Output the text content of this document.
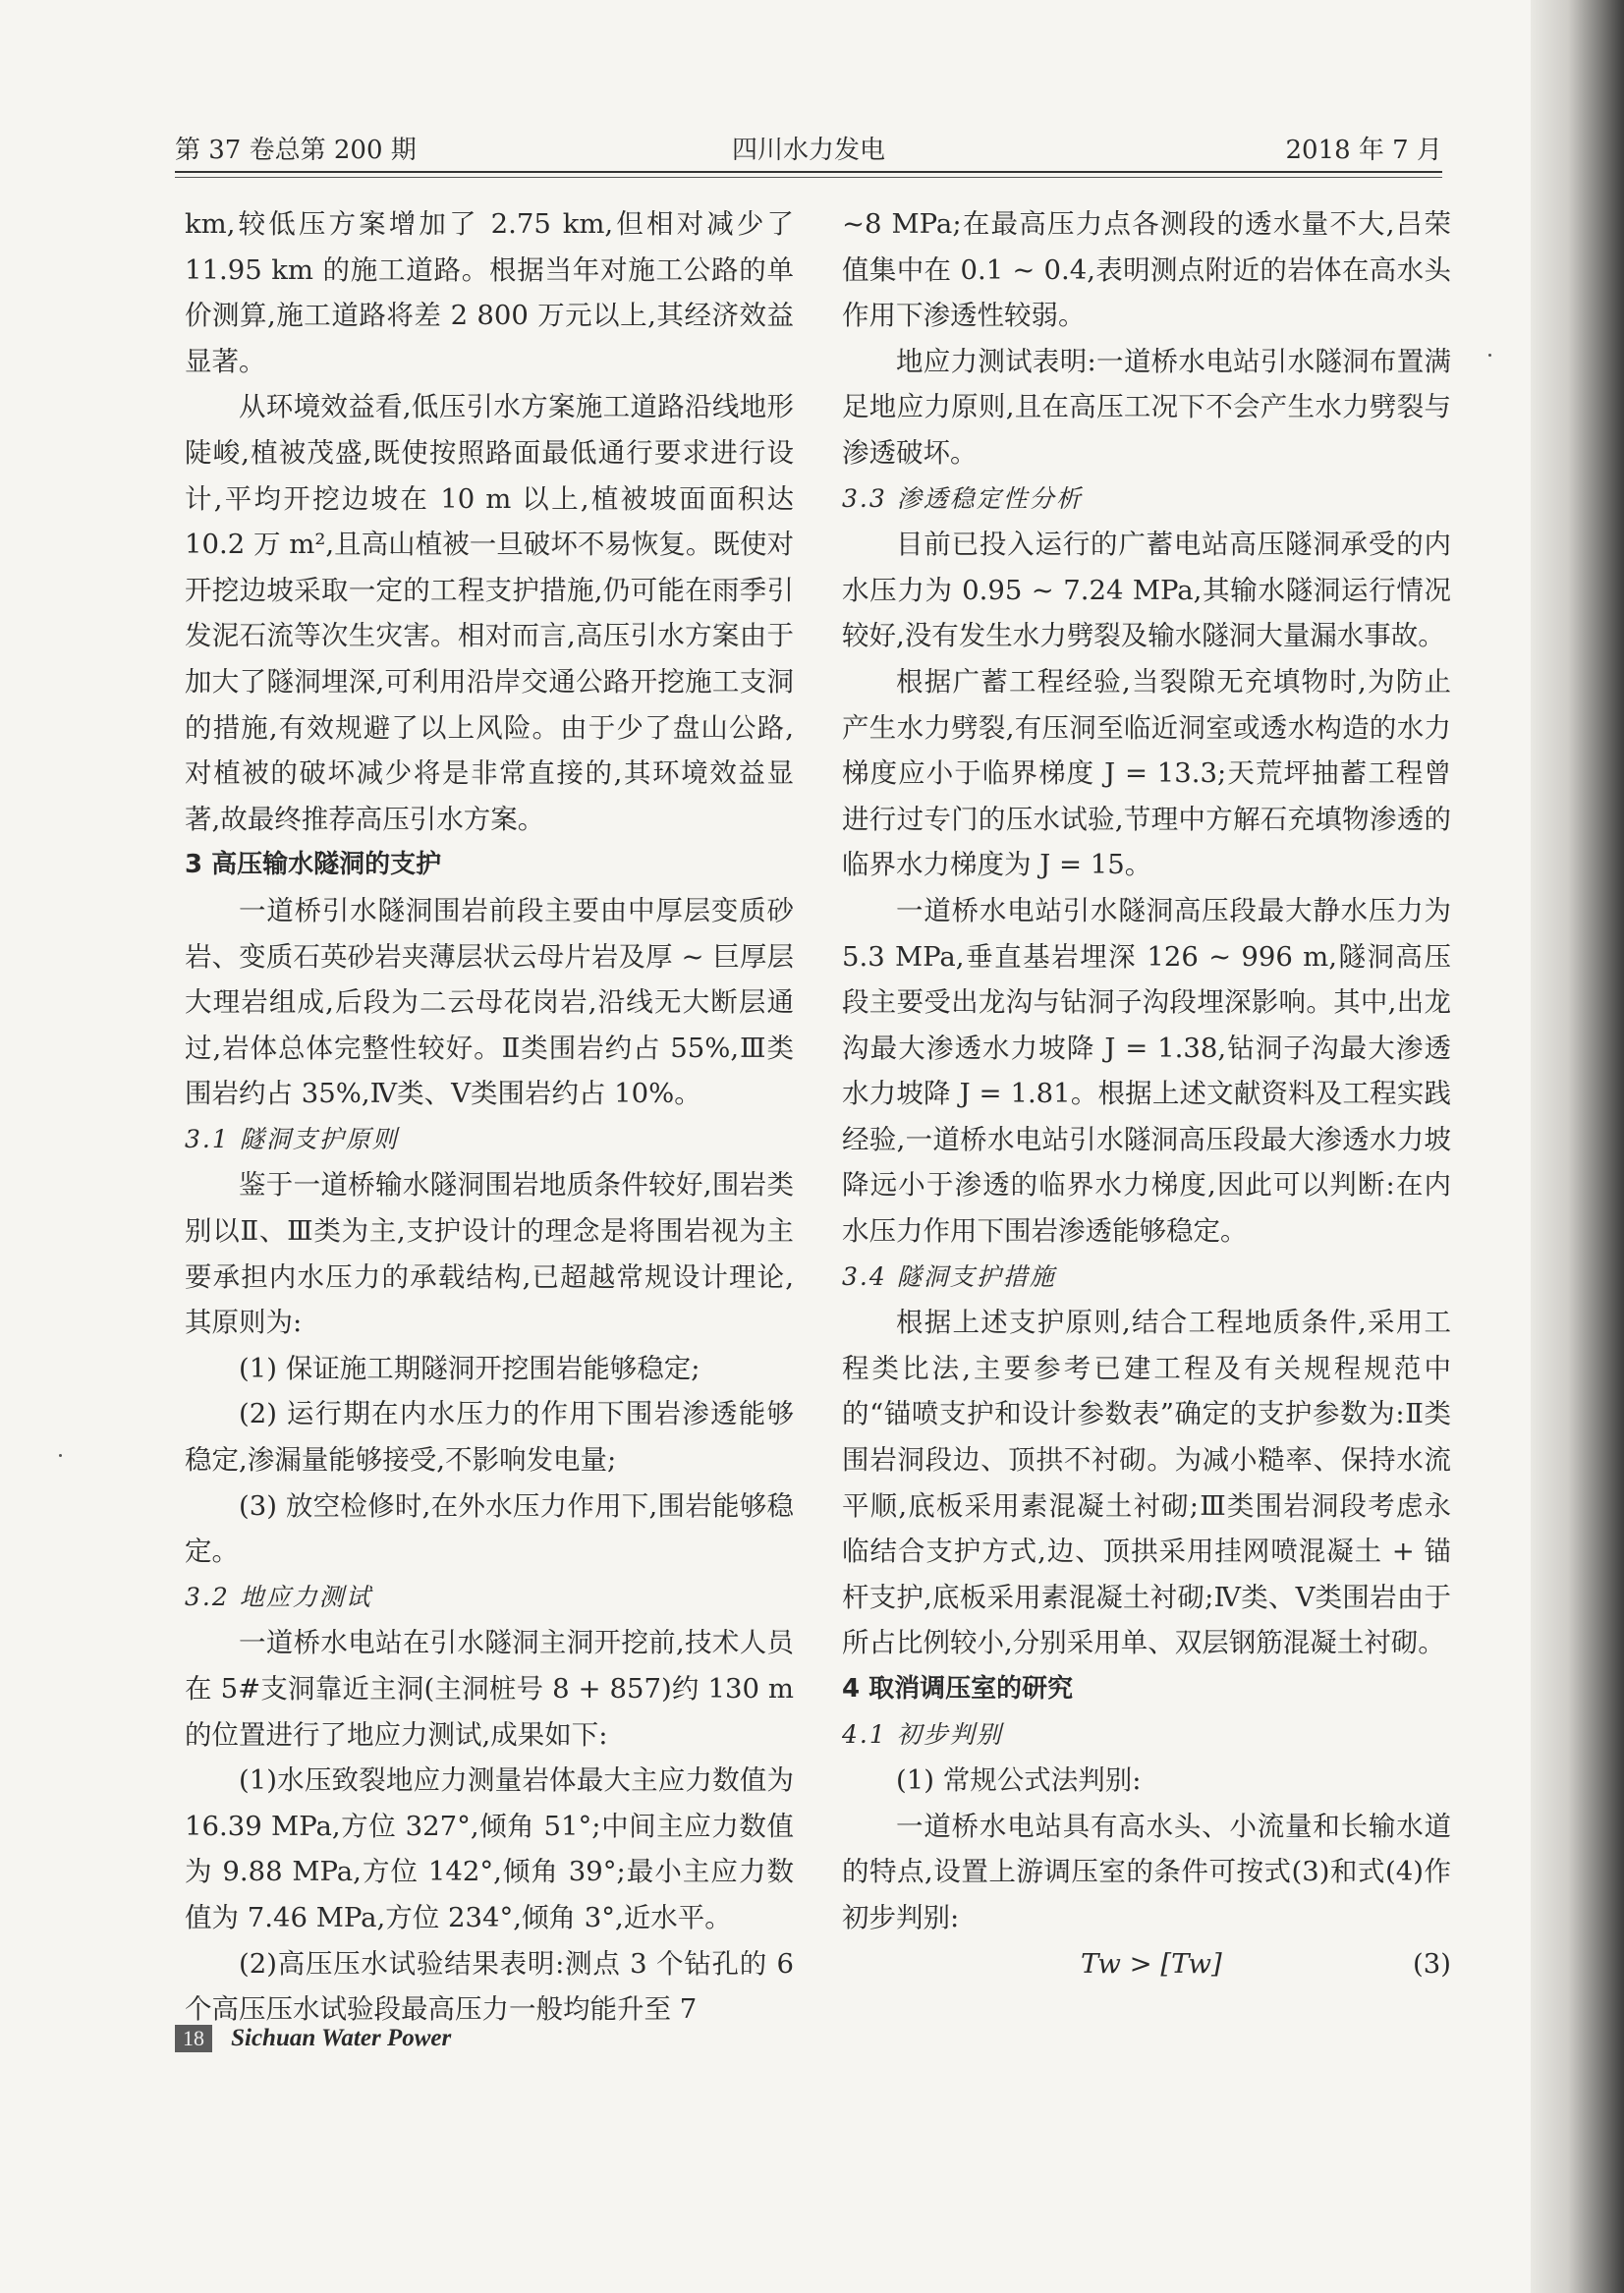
第 37 卷总第 200 期	四川水力发电	2018 年 7 月

km,较低压方案增加了 2.75 km,但相对减少了 11.95 km 的施工道路。根据当年对施工公路的单价测算,施工道路将差 2 800 万元以上,其经济效益显著。

从环境效益看,低压引水方案施工道路沿线地形陡峻,植被茂盛,既使按照路面最低通行要求进行设计,平均开挖边坡在 10 m 以上,植被坡面面积达 10.2 万 m²,且高山植被一旦破坏不易恢复。既使对开挖边坡采取一定的工程支护措施,仍可能在雨季引发泥石流等次生灾害。相对而言,高压引水方案由于加大了隧洞埋深,可利用沿岸交通公路开挖施工支洞的措施,有效规避了以上风险。由于少了盘山公路,对植被的破坏减少将是非常直接的,其环境效益显著,故最终推荐高压引水方案。

3 高压输水隧洞的支护

一道桥引水隧洞围岩前段主要由中厚层变质砂岩、变质石英砂岩夹薄层状云母片岩及厚 ~ 巨厚层大理岩组成,后段为二云母花岗岩,沿线无大断层通过,岩体总体完整性较好。Ⅱ类围岩约占 55%,Ⅲ类围岩约占 35%,Ⅳ类、Ⅴ类围岩约占 10%。

3.1 隧洞支护原则

鉴于一道桥输水隧洞围岩地质条件较好,围岩类别以Ⅱ、Ⅲ类为主,支护设计的理念是将围岩视为主要承担内水压力的承载结构,已超越常规设计理论,其原则为:

(1) 保证施工期隧洞开挖围岩能够稳定;

(2) 运行期在内水压力的作用下围岩渗透能够稳定,渗漏量能够接受,不影响发电量;

(3) 放空检修时,在外水压力作用下,围岩能够稳定。

3.2 地应力测试

一道桥水电站在引水隧洞主洞开挖前,技术人员在 5#支洞靠近主洞(主洞桩号 8 + 857)约 130 m 的位置进行了地应力测试,成果如下:

(1)水压致裂地应力测量岩体最大主应力数值为 16.39 MPa,方位 327°,倾角 51°;中间主应力数值为 9.88 MPa,方位 142°,倾角 39°;最小主应力数值为 7.46 MPa,方位 234°,倾角 3°,近水平。

(2)高压压水试验结果表明:测点 3 个钻孔的 6 个高压压水试验段最高压力一般均能升至 7

~8 MPa;在最高压力点各测段的透水量不大,吕荣值集中在 0.1 ~ 0.4,表明测点附近的岩体在高水头作用下渗透性较弱。

地应力测试表明:一道桥水电站引水隧洞布置满足地应力原则,且在高压工况下不会产生水力劈裂与渗透破坏。

3.3 渗透稳定性分析

目前已投入运行的广蓄电站高压隧洞承受的内水压力为 0.95 ~ 7.24 MPa,其输水隧洞运行情况较好,没有发生水力劈裂及输水隧洞大量漏水事故。

根据广蓄工程经验,当裂隙无充填物时,为防止产生水力劈裂,有压洞至临近洞室或透水构造的水力梯度应小于临界梯度 J = 13.3;天荒坪抽蓄工程曾进行过专门的压水试验,节理中方解石充填物渗透的临界水力梯度为 J = 15。

一道桥水电站引水隧洞高压段最大静水压力为 5.3 MPa,垂直基岩埋深 126 ~ 996 m,隧洞高压段主要受出龙沟与钻洞子沟段埋深影响。其中,出龙沟最大渗透水力坡降 J = 1.38,钻洞子沟最大渗透水力坡降 J = 1.81。根据上述文献资料及工程实践经验,一道桥水电站引水隧洞高压段最大渗透水力坡降远小于渗透的临界水力梯度,因此可以判断:在内水压力作用下围岩渗透能够稳定。

3.4 隧洞支护措施

根据上述支护原则,结合工程地质条件,采用工程类比法,主要参考已建工程及有关规程规范中的“锚喷支护和设计参数表”确定的支护参数为:Ⅱ类围岩洞段边、顶拱不衬砌。为减小糙率、保持水流平顺,底板采用素混凝土衬砌;Ⅲ类围岩洞段考虑永临结合支护方式,边、顶拱采用挂网喷混凝土 + 锚杆支护,底板采用素混凝土衬砌;Ⅳ类、Ⅴ类围岩由于所占比例较小,分别采用单、双层钢筋混凝土衬砌。

4 取消调压室的研究

4.1 初步判别

(1) 常规公式法判别:

一道桥水电站具有高水头、小流量和长输水道的特点,设置上游调压室的条件可按式(3)和式(4)作初步判别:

Tw > [Tw]	(3)

18 Sichuan Water Power
